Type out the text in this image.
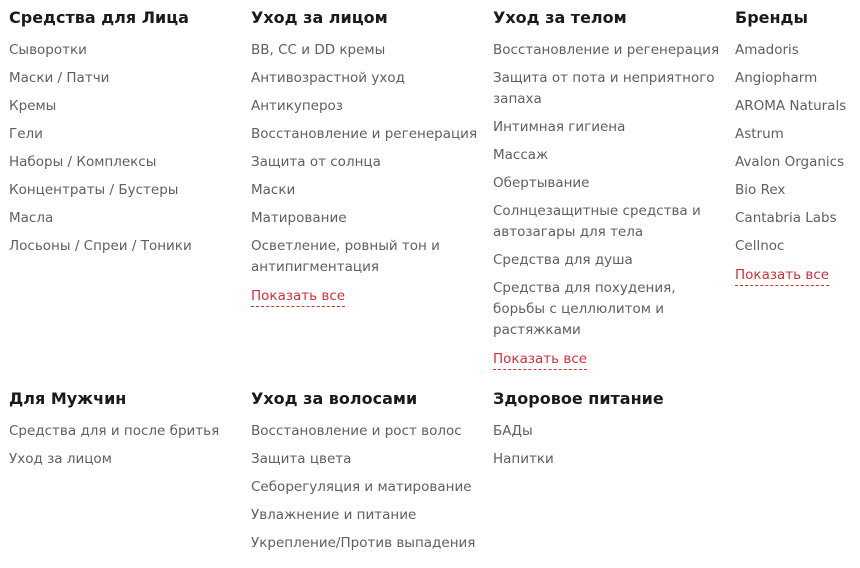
Средства для Лица
Сыворотки
Маски / Патчи
Кремы
Гели
Наборы / Комплексы
Концентраты / Бустеры
Масла
Лосьоны / Спреи / Тоники
Уход за лицом
BB, CC и DD кремы
Антивозрастной уход
Антикупероз
Восстановление и регенерация
Защита от солнца
Маски
Матирование
Осветление, ровный тон и антипигментация
Показать все
Уход за телом
Восстановление и регенерация
Защита от пота и неприятного запаха
Интимная гигиена
Массаж
Обертывание
Солнцезащитные средства и автозагары для тела
Средства для душа
Средства для похудения, борьбы с целлюлитом и растяжками
Показать все
Бренды
Amadoris
Angiopharm
AROMA Naturals
Astrum
Avalon Organics
Bio Rex
Cantabria Labs
Cellnoc
Показать все
Для Мужчин
Средства для и после бритья
Уход за лицом
Уход за волосами
Восстановление и рост волос
Защита цвета
Себорегуляция и матирование
Увлажнение и питание
Укрепление/Против выпадения
Здоровое питание
БАДы
Напитки
